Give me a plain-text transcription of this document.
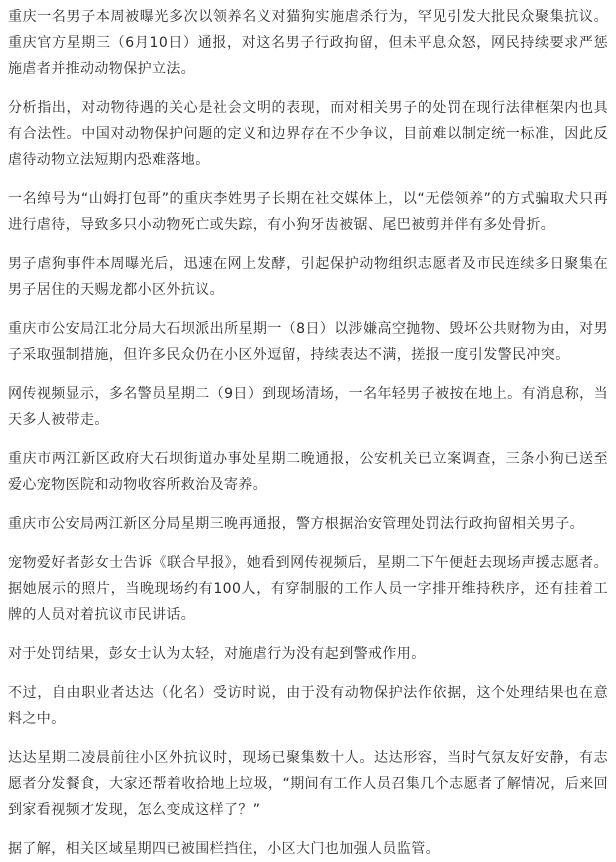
重庆一名男子本周被曝光多次以领养名义对猫狗实施虐杀行为，罕见引发大批民众聚集抗议。重庆官方星期三（6月10日）通报，对这名男子行政拘留，但未平息众怒，网民持续要求严惩施虐者并推动动物保护立法。

分析指出，对动物待遇的关心是社会文明的表现，而对相关男子的处罚在现行法律框架内也具有合法性。中国对动物保护问题的定义和边界存在不少争议，目前难以制定统一标准，因此反虐待动物立法短期内恐难落地。

一名绰号为“山姆打包哥”的重庆李姓男子长期在社交媒体上，以“无偿领养”的方式骗取犬只再进行虐待，导致多只小动物死亡或失踪，有小狗牙齿被锯、尾巴被剪并伴有多处骨折。

男子虐狗事件本周曝光后，迅速在网上发酵，引起保护动物组织志愿者及市民连续多日聚集在男子居住的天赐龙都小区外抗议。

重庆市公安局江北分局大石坝派出所星期一（8日）以涉嫌高空抛物、毁坏公共财物为由，对男子采取强制措施，但许多民众仍在小区外逗留，持续表达不满，搓报一度引发警民冲突。

网传视频显示，多名警员星期二（9日）到现场清场，一名年轻男子被按在地上。有消息称，当天多人被带走。

重庆市两江新区政府大石坝街道办事处星期二晚通报，公安机关已立案调查，三条小狗已送至爱心宠物医院和动物收容所救治及寄养。

重庆市公安局两江新区分局星期三晚再通报，警方根据治安管理处罚法行政拘留相关男子。

宠物爱好者彭女士告诉《联合早报》，她看到网传视频后，星期二下午便赶去现场声援志愿者。据她展示的照片，当晚现场约有100人，有穿制服的工作人员一字排开维持秩序，还有挂着工牌的人员对着抗议市民讲话。

对于处罚结果，彭女士认为太轻，对施虐行为没有起到警戒作用。

不过，自由职业者达达（化名）受访时说，由于没有动物保护法作依据，这个处理结果也在意料之中。

达达星期二凌晨前往小区外抗议时，现场已聚集数十人。达达形容，当时气氛友好安静，有志愿者分发餐食，大家还帮着收拾地上垃圾，“期间有工作人员召集几个志愿者了解情况，后来回到家看视频才发现，怎么变成这样了？”

据了解，相关区域星期四已被围栏挡住，小区大门也加强人员监管。
